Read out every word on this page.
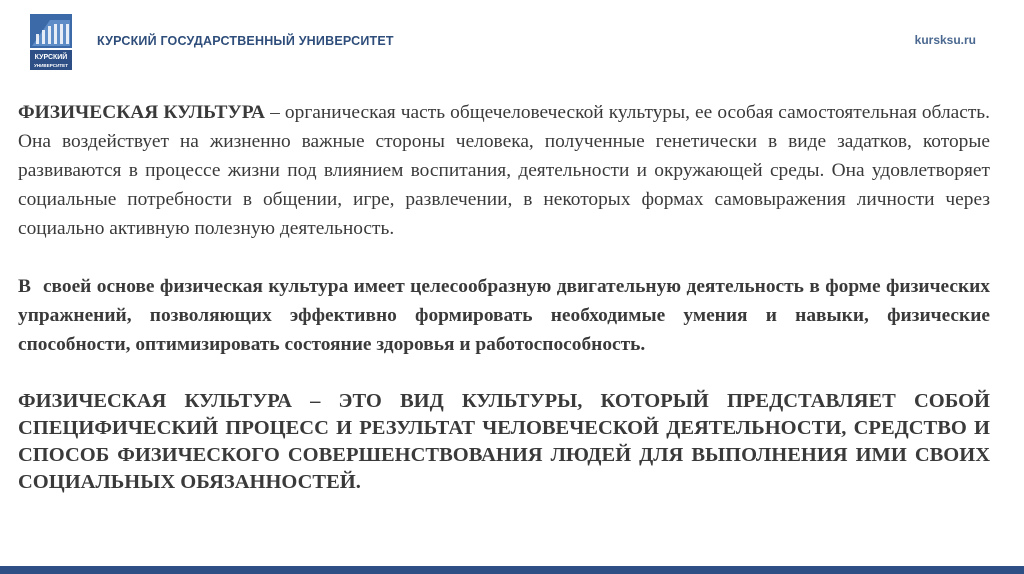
КУРСКИЙ
УНИВЕРСИТЕТ
КУРСКИЙ ГОСУДАРСТВЕННЫЙ УНИВЕРСИТЕТ	kursksu.ru

ФИЗИЧЕСКАЯ КУЛЬТУРА – органическая часть общечеловеческой культуры, ее особая самостоятельная область. Она воздействует на жизненно важные стороны человека, полученные генетически в виде задатков, которые развиваются в процессе жизни под влиянием воспитания, деятельности и окружающей среды. Она удовлетворяет социальные потребности в общении, игре, развлечении, в некоторых формах самовыражения личности через социально активную полезную деятельность.

В своей основе физическая культура имеет целесообразную двигательную деятельность в форме физических упражнений, позволяющих эффективно формировать необходимые умения и навыки, физические способности, оптимизировать состояние здоровья и работоспособность.

ФИЗИЧЕСКАЯ КУЛЬТУРА – ЭТО ВИД КУЛЬТУРЫ, КОТОРЫЙ ПРЕДСТАВЛЯЕТ СОБОЙ СПЕЦИФИЧЕСКИЙ ПРОЦЕСС И РЕЗУЛЬТАТ ЧЕЛОВЕЧЕСКОЙ ДЕЯТЕЛЬНОСТИ, СРЕДСТВО И СПОСОБ ФИЗИЧЕСКОГО СОВЕРШЕНСТВОВАНИЯ ЛЮДЕЙ ДЛЯ ВЫПОЛНЕНИЯ ИМИ СВОИХ СОЦИАЛЬНЫХ ОБЯЗАННОСТЕЙ.
